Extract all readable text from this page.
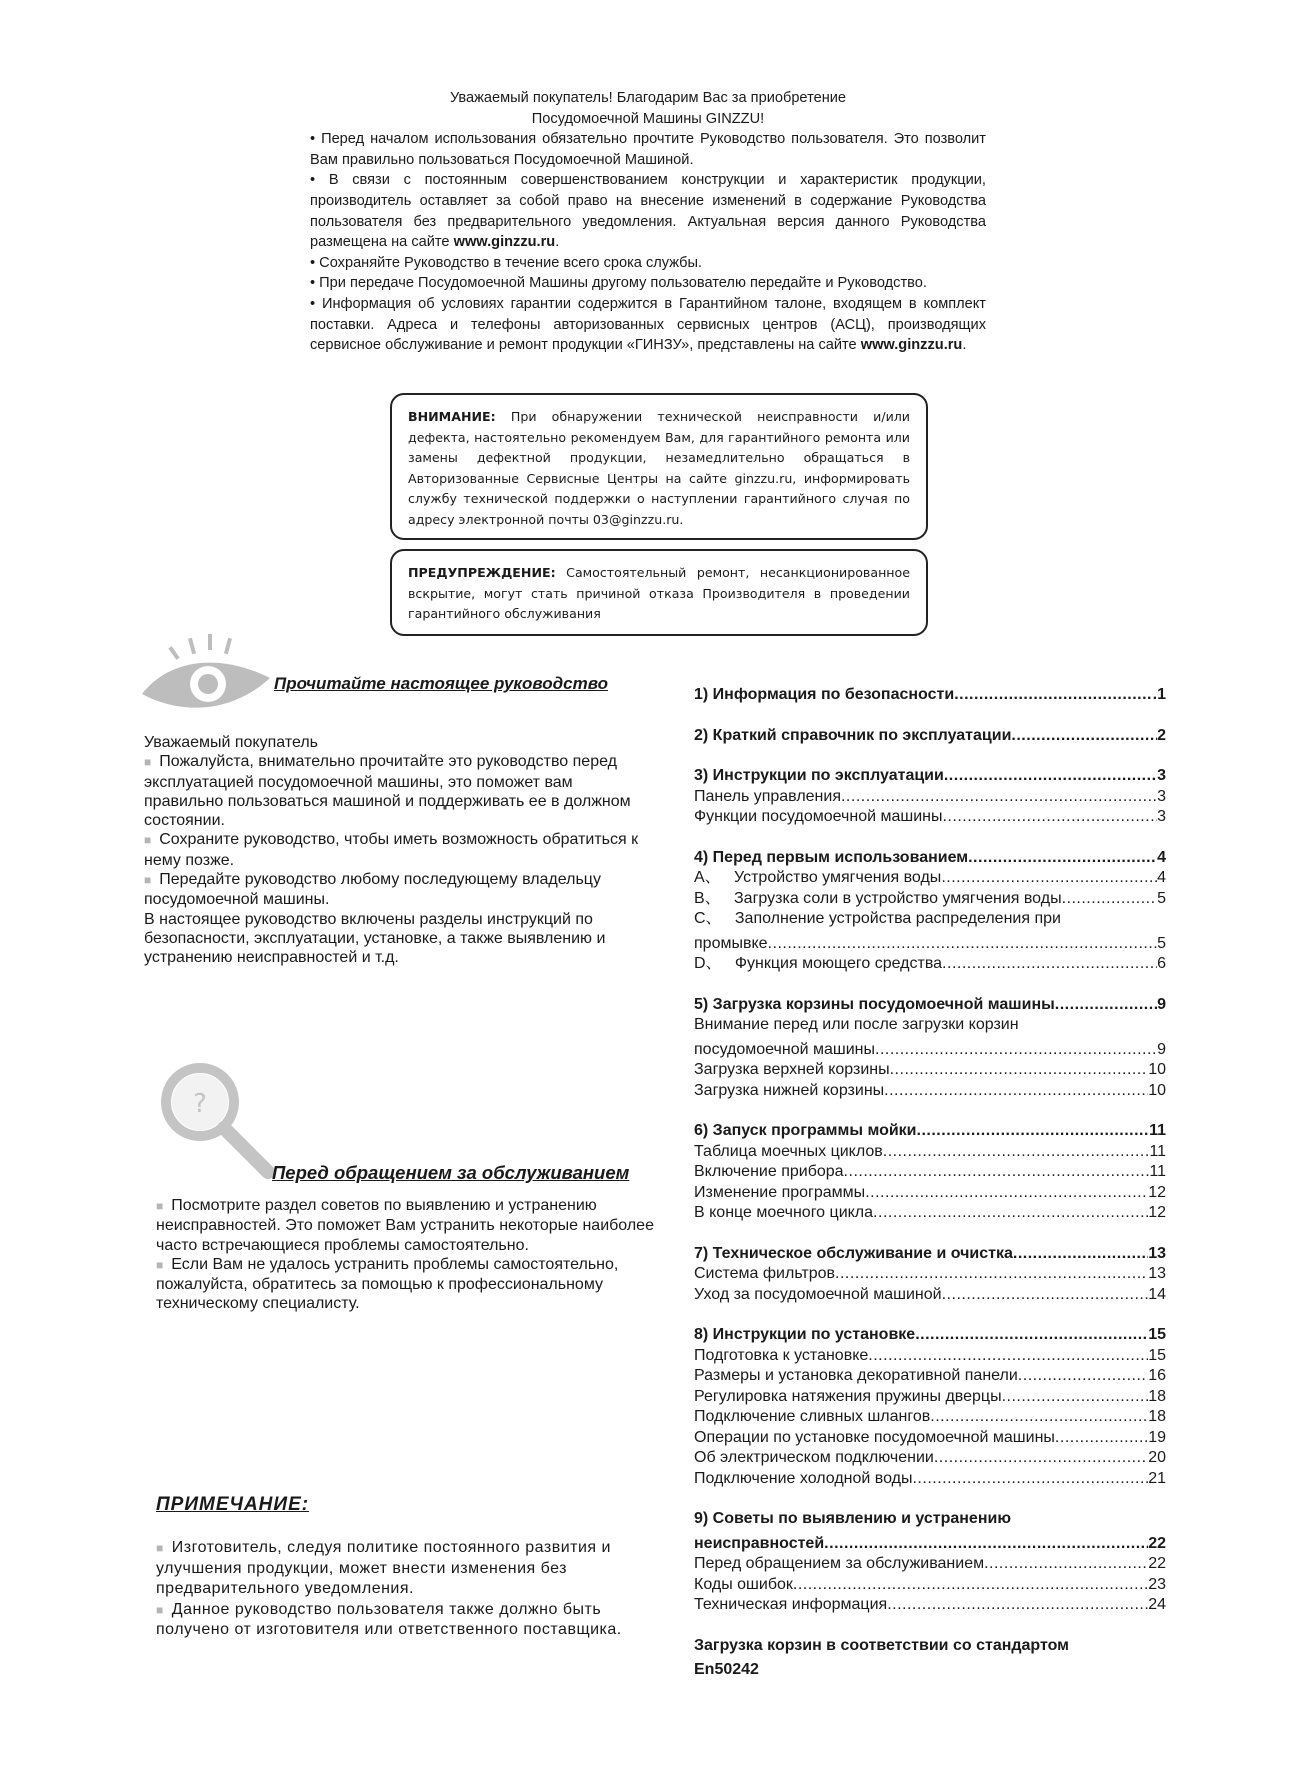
Уважаемый покупатель! Благодарим Вас за приобретение
Посудомоечной Машины GINZZU!
• Перед началом использования обязательно прочтите Руководство пользователя. Это позволит Вам правильно пользоваться Посудомоечной Машиной.
• В связи с постоянным совершенствованием конструкции и характеристик продукции, производитель оставляет за собой право на внесение изменений в содержание Руководства пользователя без предварительного уведомления. Актуальная версия данного Руководства размещена на сайте www.ginzzu.ru.
• Сохраняйте Руководство в течение всего срока службы.
• При передаче Посудомоечной Машины другому пользователю передайте и Руководство.
• Информация об условиях гарантии содержится в Гарантийном талоне, входящем в комплект поставки. Адреса и телефоны авторизованных сервисных центров (АСЦ), производящих сервисное обслуживание и ремонт продукции «ГИНЗУ», представлены на сайте www.ginzzu.ru.
ВНИМАНИЕ: При обнаружении технической неисправности и/или дефекта, настоятельно рекомендуем Вам, для гарантийного ремонта или замены дефектной продукции, незамедлительно обращаться в Авторизованные Сервисные Центры на сайте ginzzu.ru, информировать службу технической поддержки о наступлении гарантийного случая по адресу электронной почты 03@ginzzu.ru.
ПРЕДУПРЕЖДЕНИЕ: Самостоятельный ремонт, несанкционированное вскрытие, могут стать причиной отказа Производителя в проведении гарантийного обслуживания
Прочитайте настоящее руководство
Уважаемый покупатель
■ Пожалуйста, внимательно прочитайте это руководство перед эксплуатацией посудомоечной машины, это поможет вам правильно пользоваться машиной и поддерживать ее в должном состоянии.
■ Сохраните руководство, чтобы иметь возможность обратиться к нему позже.
■ Передайте руководство любому последующему владельцу посудомоечной машины.
В настоящее руководство включены разделы инструкций по безопасности, эксплуатации, установке, а также выявлению и устранению неисправностей и т.д.
?
Перед обращением за обслуживанием
■ Посмотрите раздел советов по выявлению и устранению неисправностей. Это поможет Вам устранить некоторые наиболее часто встречающиеся проблемы самостоятельно.
■ Если Вам не удалось устранить проблемы самостоятельно, пожалуйста, обратитесь за помощью к профессиональному техническому специалисту.
ПРИМЕЧАНИЕ:
■ Изготовитель, следуя политике постоянного развития и улучшения продукции, может внести изменения без предварительного уведомления.
■ Данное руководство пользователя также должно быть получено от изготовителя или ответственного поставщика.
1) Информация по безопасности .....	.1
2) Краткий справочник по эксплуатации .....	2
3) Инструкции по эксплуатации .....	3
Панель управления .....	3
Функции посудомоечной машины .....	3
4) Перед первым использованием .....	4
A、   Устройство умягчения воды .....	4
B、   Загрузка соли в устройство умягчения воды .....	5
C、   Заполнение устройства распределения при
промывке .....	5
D、   Функция моющего средства .....	6
5) Загрузка корзины посудомоечной машины .....	9
Внимание перед или после загрузки корзин
посудомоечной машины .....	9
Загрузка верхней корзины .....	10
Загрузка нижней корзины .....	10
6) Запуск программы мойки .....	11
Таблица моечных циклов .....	11
Включение прибора .....	11
Изменение программы .....	12
В конце моечного цикла .....	12
7) Техническое обслуживание и очистка .....	13
Система фильтров .....	13
Уход за посудомоечной машиной .....	14
8) Инструкции по установке .....	15
Подготовка к установке .....	15
Размеры и установка декоративной панели .....	16
Регулировка натяжения пружины дверцы .....	18
Подключение сливных шлангов .....	18
Операции по установке посудомоечной машины .....	19
Об электрическом подключении .....	20
Подключение холодной воды .....	21
9) Советы по выявлению и устранению
неисправностей .....	22
Перед обращением за обслуживанием .....	22
Коды ошибок .....	23
Техническая информация .....	24
Загрузка корзин в соответствии со стандартом
En50242
